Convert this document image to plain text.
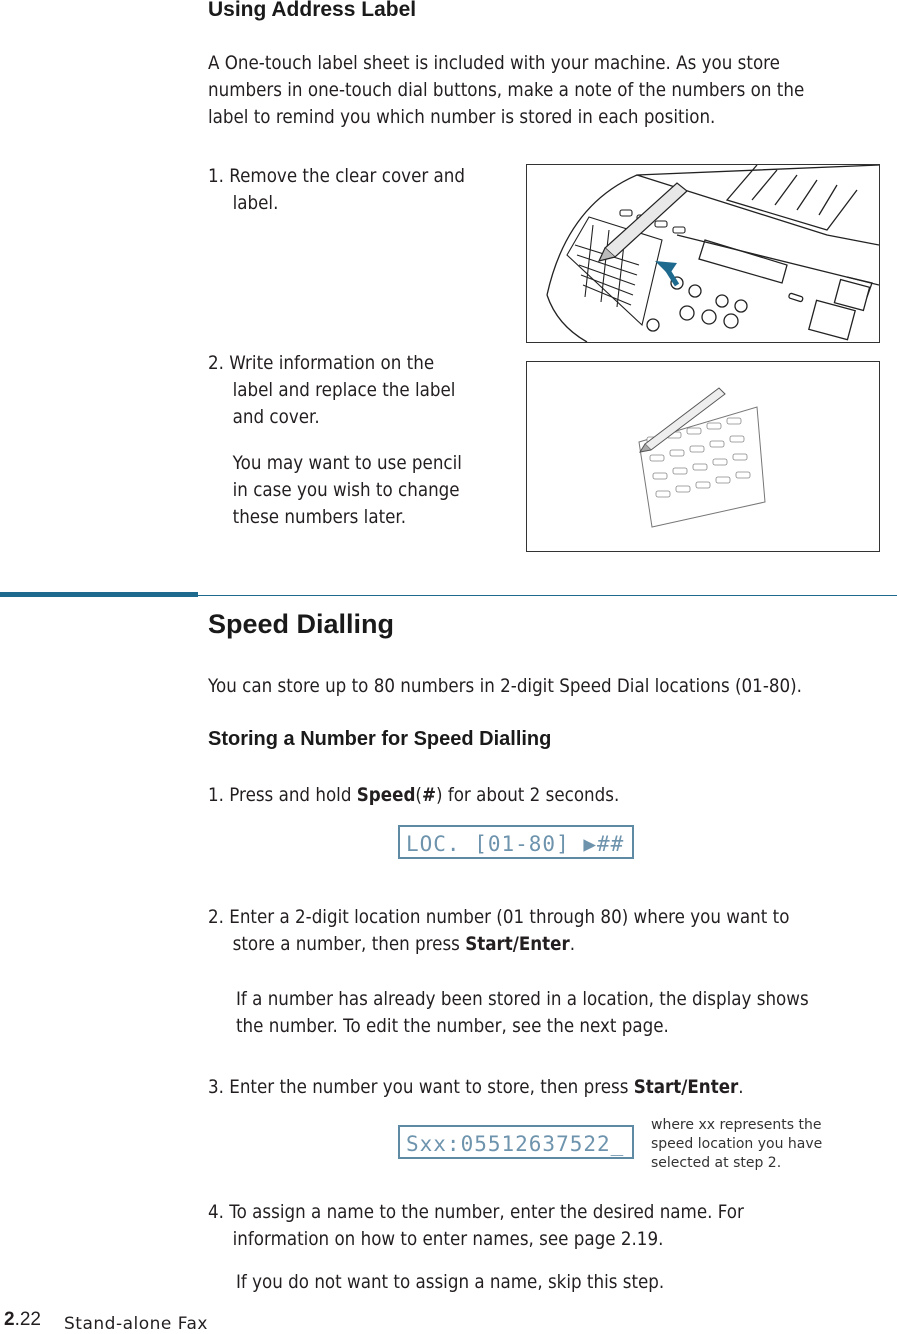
Using Address Label
A One-touch label sheet is included with your machine. As you store
numbers in one-touch dial buttons, make a note of the numbers on the
label to remind you which number is stored in each position.
1. Remove the clear cover and
label.
2. Write information on the
label and replace the label
and cover.
You may want to use pencil
in case you wish to change
these numbers later.
Speed Dialling
You can store up to 80 numbers in 2-digit Speed Dial locations (01-80).
Storing a Number for Speed Dialling
1. Press and hold Speed(#) for about 2 seconds.
LOC. [01-80] ▶##
2. Enter a 2-digit location number (01 through 80) where you want to
store a number, then press Start/Enter.
If a number has already been stored in a location, the display shows
the number. To edit the number, see the next page.
3. Enter the number you want to store, then press Start/Enter.
Sxx:05512637522_
where xx represents the
speed location you have
selected at step 2.
4. To assign a name to the number, enter the desired name. For
information on how to enter names, see page 2.19.
If you do not want to assign a name, skip this step.
2.22 Stand-alone Fax
